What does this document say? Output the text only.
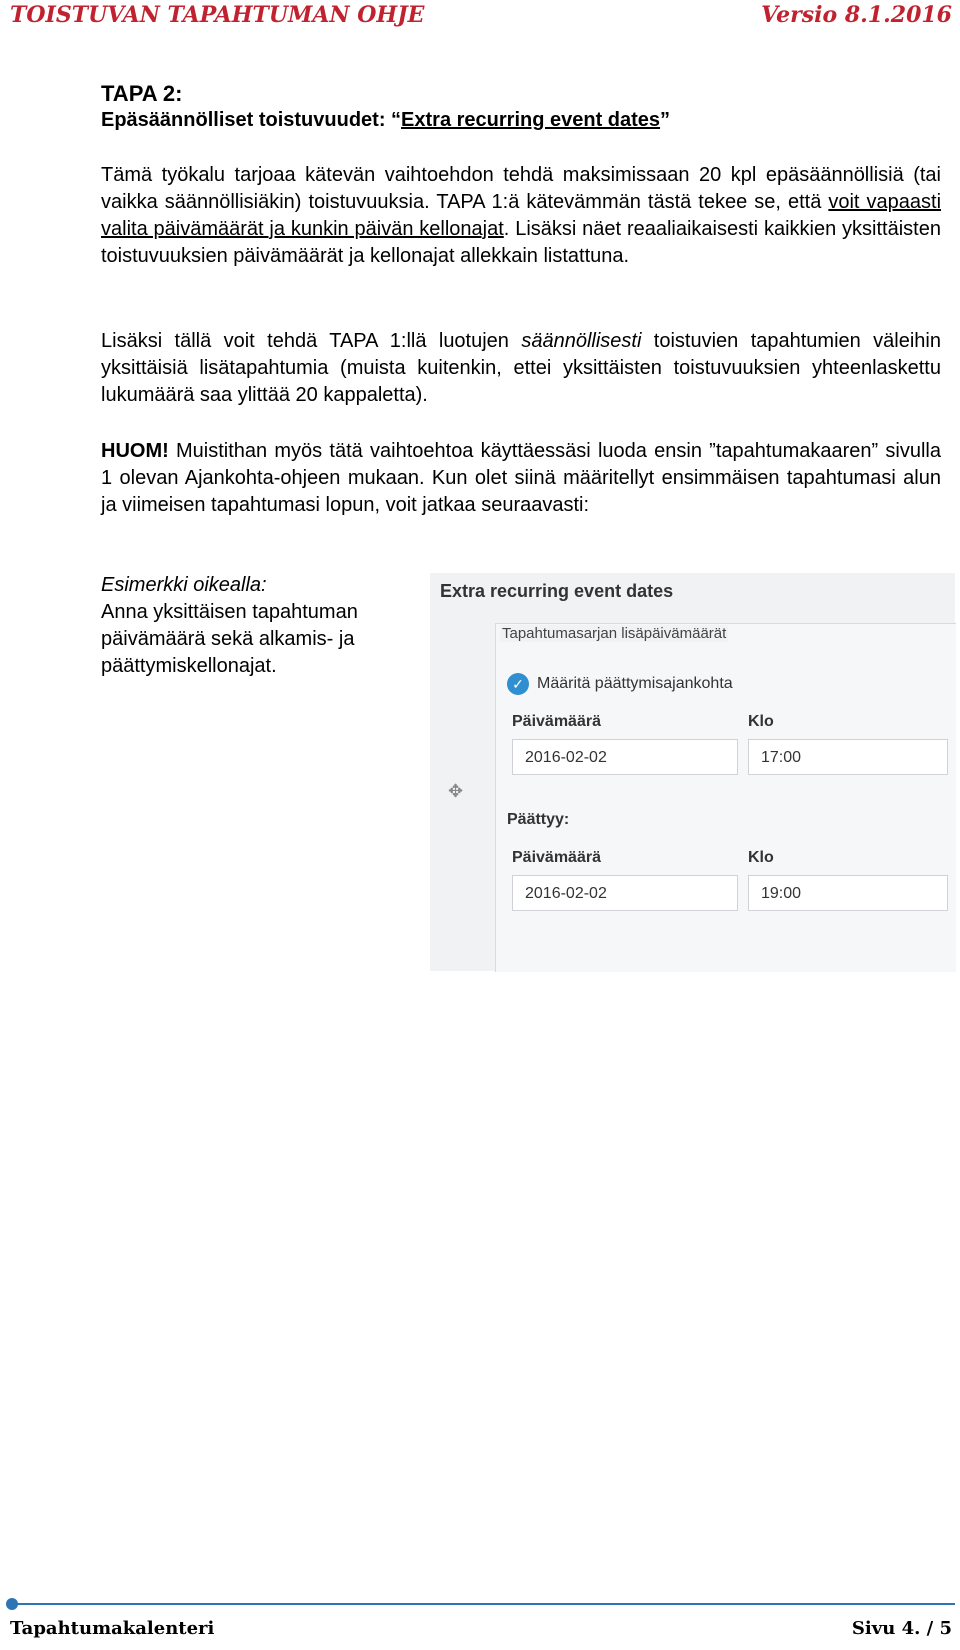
TOISTUVAN TAPAHTUMAN OHJE	Versio 8.1.2016

TAPA 2:

Epäsäännölliset toistuvuudet: “Extra recurring event dates”

Tämä työkalu tarjoaa kätevän vaihtoehdon tehdä maksimissaan 20 kpl epäsäännöllisiä (tai vaikka säännöllisiäkin) toistuvuuksia. TAPA 1:ä kätevämmän tästä tekee se, että voit vapaasti valita päivämäärät ja kunkin päivän kellonajat. Lisäksi näet reaaliaikaisesti kaikkien yksittäisten toistuvuuksien päivämäärät ja kellonajat allekkain listattuna.

Lisäksi tällä voit tehdä TAPA 1:llä luotujen säännöllisesti toistuvien tapahtumien väleihin yksittäisiä lisätapahtumia (muista kuitenkin, ettei yksittäisten toistuvuuksien yhteenlaskettu lukumäärä saa ylittää 20 kappaletta).

HUOM! Muistithan myös tätä vaihtoehtoa käyttäessäsi luoda ensin ”tapahtumakaaren” sivulla 1 olevan Ajankohta-ohjeen mukaan. Kun olet siinä määritellyt ensimmäisen tapahtumasi alun ja viimeisen tapahtumasi lopun, voit jatkaa seuraavasti:

Esimerkki oikealla:
Anna yksittäisen tapahtuman päivämäärä sekä alkamis- ja päättymiskellonajat.
Extra recurring event dates
Tapahtumasarjan lisäpäivämäärät
✓ Määritä päättymisajankohta
Päivämäärä	Klo
2016-02-02	17:00
✥
Päättyy:
Päivämäärä	Klo
2016-02-02	19:00
Tapahtumakalenteri	Sivu 4. / 5
